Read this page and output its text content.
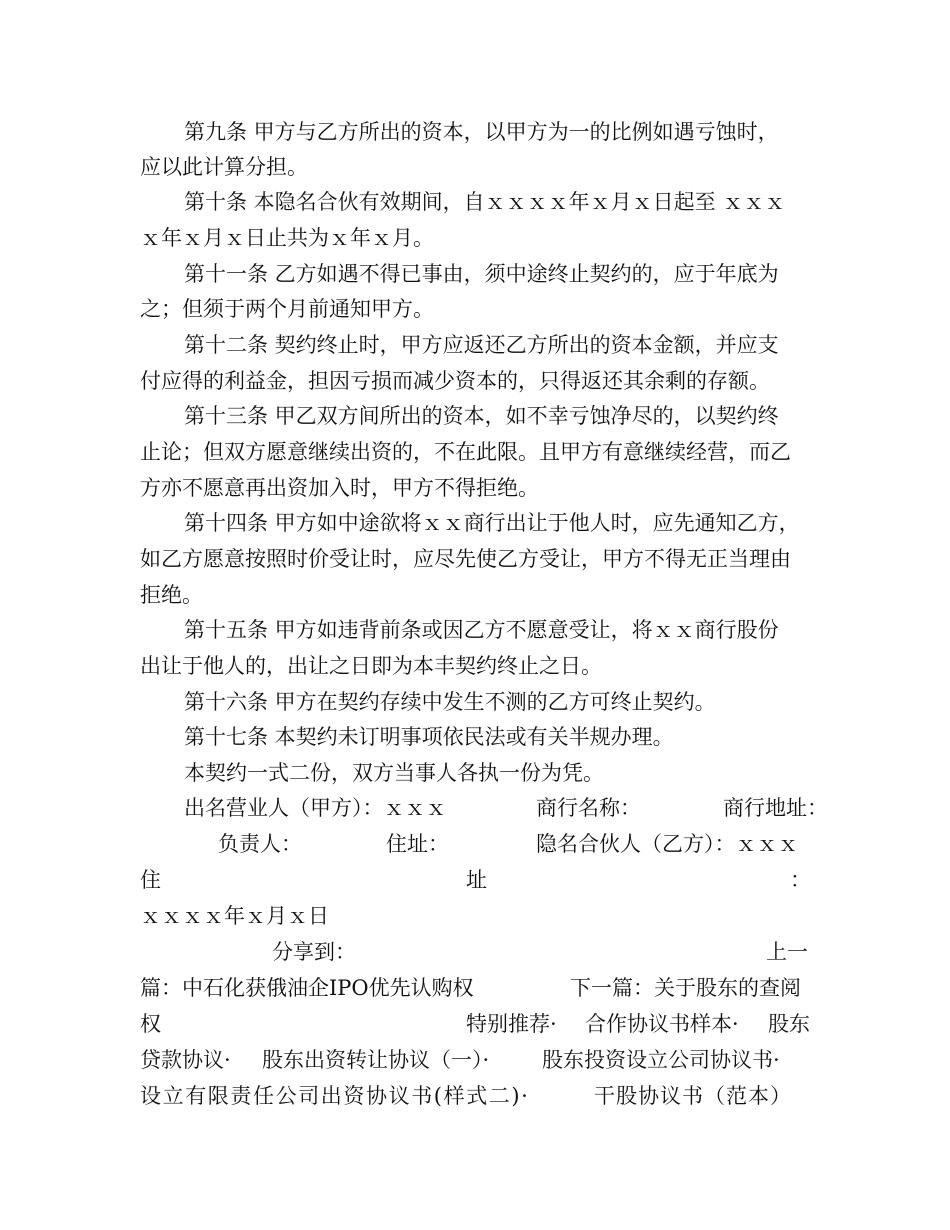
第九条 甲方与乙方所出的资本，以甲方为一的比例如遇亏蚀时，
应以此计算分担。
第十条 本隐名合伙有效期间，自ｘｘｘｘ年ｘ月ｘ日起至 ｘｘｘ
ｘ年ｘ月ｘ日止共为ｘ年ｘ月。
第十一条 乙方如遇不得已事由，须中途终止契约的，应于年底为
之；但须于两个月前通知甲方。
第十二条 契约终止时，甲方应返还乙方所出的资本金额，并应支
付应得的利益金，担因亏损而减少资本的，只得返还其余剩的存额。
第十三条 甲乙双方间所出的资本，如不幸亏蚀净尽的，以契约终
止论；但双方愿意继续出资的，不在此限。且甲方有意继续经营，而乙
方亦不愿意再出资加入时，甲方不得拒绝。
第十四条 甲方如中途欲将ｘｘ商行出让于他人时，应先通知乙方，
如乙方愿意按照时价受让时，应尽先使乙方受让，甲方不得无正当理由
拒绝。
第十五条 甲方如违背前条或因乙方不愿意受让，将ｘｘ商行股份
出让于他人的，出让之日即为本丰契约终止之日。
第十六条 甲方在契约存续中发生不测的乙方可终止契约。
第十七条 本契约未订明事项依民法或有关半规办理。
本契约一式二份，双方当事人各执一份为凭。
出名营业人（甲方）：ｘｘｘ	商行名称：	商行地址：
负责人：	住址：	隐名合伙人（乙方）：ｘｘｘ
住	址	：
ｘｘｘｘ年ｘ月ｘ日
分享到：	上一
篇：中石化获俄油企IPO优先认购权	下一篇：关于股东的查阅
权	特别推荐· 合作协议书样本· 股东
贷款协议· 股东出资转让协议（一）·	股东投资设立公司协议书·
设立有限责任公司出资协议书(样式二)·	干股协议书（范本）
